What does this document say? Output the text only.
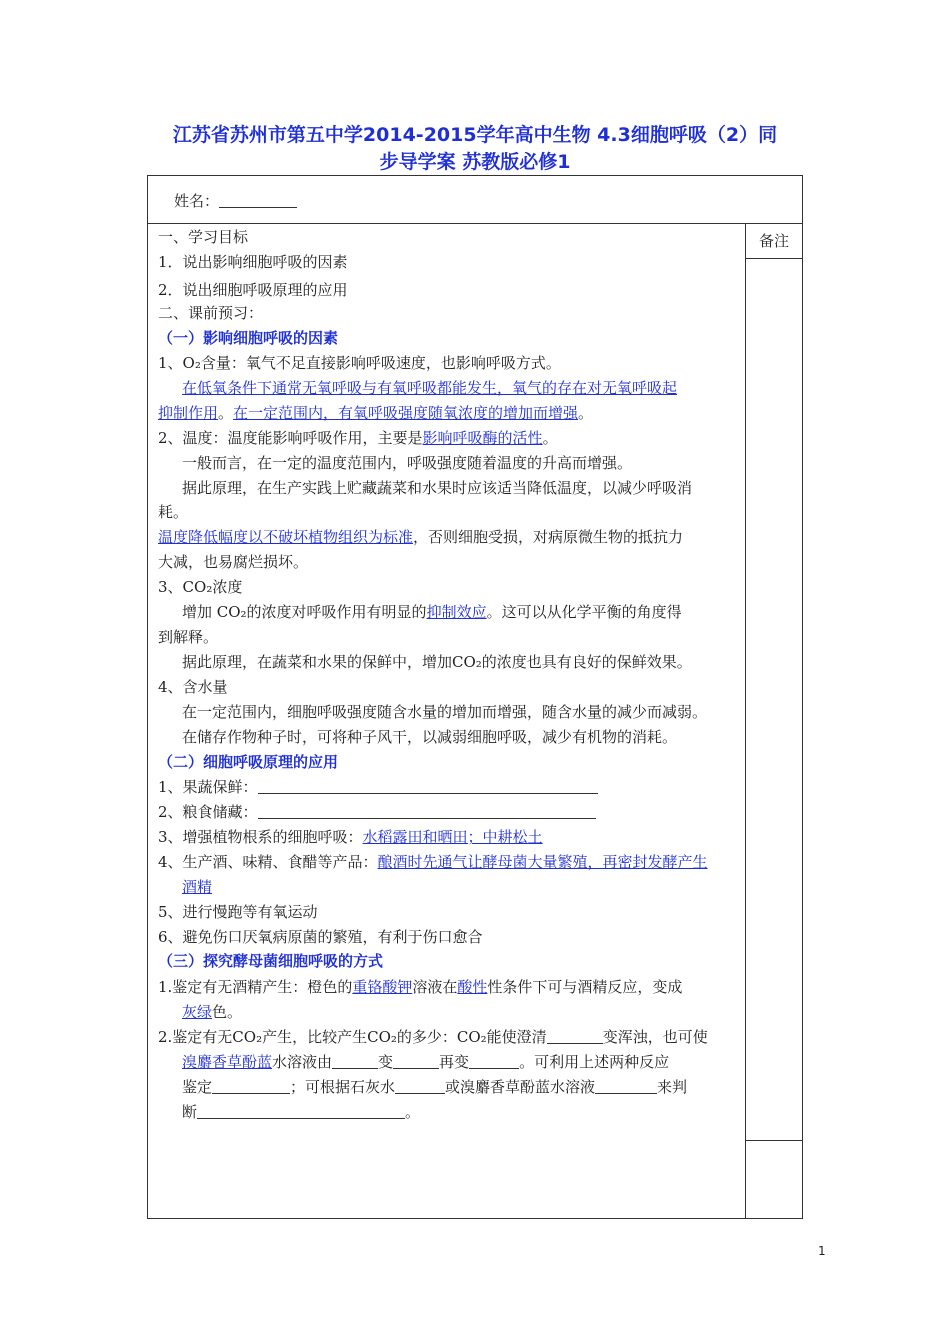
江苏省苏州市第五中学2014-2015学年高中生物 4.3细胞呼吸（2）同
步导学案 苏教版必修1
姓名：
备注
一、学习目标
1．说出影响细胞呼吸的因素
2．说出细胞呼吸原理的应用
二、课前预习：
（一）影响细胞呼吸的因素
1、O₂含量：氧气不足直接影响呼吸速度，也影响呼吸方式。
在低氧条件下通常无氧呼吸与有氧呼吸都能发生，氧气的存在对无氧呼吸起
抑制作用。在一定范围内，有氧呼吸强度随氧浓度的增加而增强。
2、温度：温度能影响呼吸作用，主要是影响呼吸酶的活性。
一般而言，在一定的温度范围内，呼吸强度随着温度的升高而增强。
据此原理，在生产实践上贮藏蔬菜和水果时应该适当降低温度，以减少呼吸消
耗。
温度降低幅度以不破坏植物组织为标准，否则细胞受损，对病原微生物的抵抗力
大减，也易腐烂损坏。
3、CO₂浓度
增加 CO₂的浓度对呼吸作用有明显的抑制效应。这可以从化学平衡的角度得
到解释。
据此原理，在蔬菜和水果的保鲜中，增加CO₂的浓度也具有良好的保鲜效果。
4、含水量
在一定范围内，细胞呼吸强度随含水量的增加而增强，随含水量的减少而减弱。
在储存作物种子时，可将种子风干，以减弱细胞呼吸，减少有机物的消耗。
（二）细胞呼吸原理的应用
1、果蔬保鲜：
2、粮食储藏：
3、增强植物根系的细胞呼吸：水稻露田和晒田；中耕松土
4、生产酒、味精、食醋等产品：酿酒时先通气让酵母菌大量繁殖，再密封发酵产生
酒精
5、进行慢跑等有氧运动
6、避免伤口厌氧病原菌的繁殖，有利于伤口愈合
（三）探究酵母菌细胞呼吸的方式
1.鉴定有无酒精产生：橙色的重铬酸钾溶液在酸性性条件下可与酒精反应，变成
灰绿色。
2.鉴定有无CO₂产生，比较产生CO₂的多少：CO₂能使澄清	变浑浊，也可使
溴麝香草酚蓝水溶液由	变	再变	。可利用上述两种反应
鉴定	；可根据石灰水	或溴麝香草酚蓝水溶液	来判
断	。
1
